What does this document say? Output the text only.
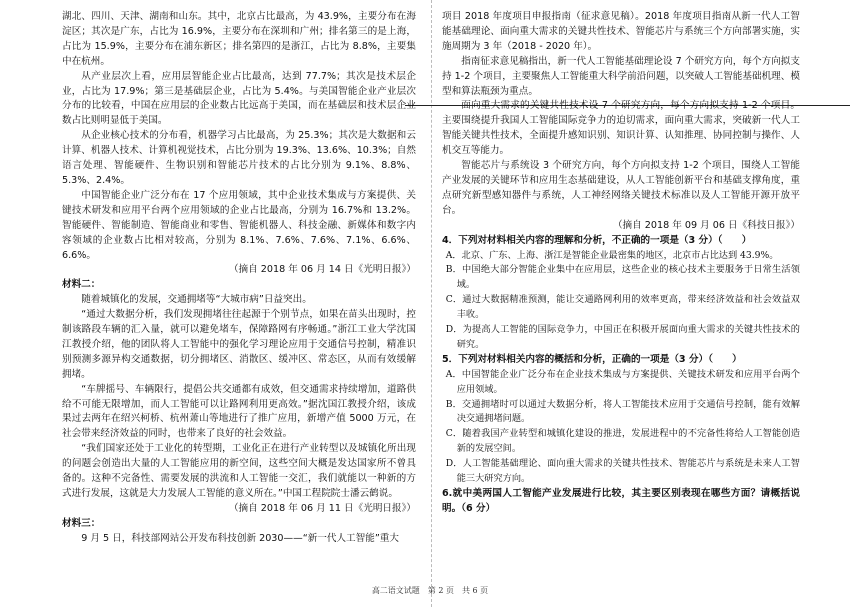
湖北、四川、天津、湖南和山东。其中，北京占比最高，为 43.9%，主要分布在海淀区；其次是广东，占比为 16.9%，主要分布在深圳和广州；排名第三的是上海，占比为 15.9%，主要分布在浦东新区；排名第四的是浙江，占比为 8.8%，主要集中在杭州。

从产业层次上看，应用层智能企业占比最高，达到 77.7%；其次是技术层企业，占比为 17.9%；第三是基础层企业，占比为 5.4%。与美国智能企业产业层次分布的比较看，中国在应用层的企业数占比远高于美国，而在基础层和技术层企业数占比则明显低于美国。

从企业核心技术的分布看，机器学习占比最高，为 25.3%；其次是大数据和云计算、机器人技术、计算机视觉技术，占比分别为 19.3%、13.6%、10.3%；自然语言处理、智能硬件、生物识别和智能芯片技术的占比分别为 9.1%、8.8%、5.3%、2.4%。

中国智能企业广泛分布在 17 个应用领域，其中企业技术集成与方案提供、关键技术研发和应用平台两个应用领域的企业占比最高，分别为 16.7%和 13.2%。智能硬件、智能制造、智能商业和零售、智能机器人、科技金融、新媒体和数字内容领域的企业数占比相对较高，分别为 8.1%、7.6%、7.6%、7.1%、6.6%、6.6%。

（摘自 2018 年 06 月 14 日《光明日报》）

材料二：

随着城镇化的发展，交通拥堵等“大城市病”日益突出。

“通过大数据分析，我们发现拥堵往往起源于个别节点，如果在苗头出现时，控制该路段车辆的汇入量，就可以避免堵车，保障路网有序畅通。”浙江工业大学沈国江教授介绍，他的团队将人工智能中的强化学习理论应用于交通信号控制，精准识别预测多源异构交通数据，切分拥堵区、消散区、缓冲区、常态区，从而有效缓解拥堵。

“车牌摇号、车辆限行，提倡公共交通都有成效，但交通需求持续增加，道路供给不可能无限增加，而人工智能可以让路网利用更高效。”据沈国江教授介绍，该成果过去两年在绍兴柯桥、杭州萧山等地进行了推广应用，新增产值 5000 万元，在社会带来经济效益的同时，也带来了良好的社会效益。

“我们国家还处于工业化的转型期，工业化正在进行产业转型以及城镇化所出现的问题会创造出大量的人工智能应用的新空间，这些空间大概是发达国家所不曾具备的。这种不完备性、需要发展的洪流和人工智能一交汇，我们就能以一种新的方式进行发展，这就是大力发展人工智能的意义所在。”中国工程院院士潘云鹤说。

（摘自 2018 年 06 月 11 日《光明日报》）

材料三：

9 月 5 日，科技部网站公开发布科技创新 2030——“新一代人工智能”重大

项目 2018 年度项目申报指南（征求意见稿）。2018 年度项目指南从新一代人工智能基础理论、面向重大需求的关键共性技术、智能芯片与系统三个方向部署实施，实施周期为 3 年（2018 - 2020 年）。

指南征求意见稿指出，新一代人工智能基础理论设 7 个研究方向，每个方向拟支持 1-2 个项目，主要聚焦人工智能重大科学前沿问题，以突破人工智能基础机理、模型和算法瓶颈为重点。

面向重大需求的关键共性技术设 7 个研究方向，每个方向拟支持 1-2 个项目。主要围绕提升我国人工智能国际竞争力的迫切需求，面向重大需求，突破新一代人工智能关键共性技术，全面提升感知识别、知识计算、认知推理、协同控制与操作、人机交互等能力。

智能芯片与系统设 3 个研究方向，每个方向拟支持 1-2 个项目，围绕人工智能产业发展的关键环节和应用生态基础建设，从人工智能创新平台和基础支撑角度，重点研究新型感知器件与系统，人工神经网络关键技术标准以及人工智能开源开放平台。

（摘自 2018 年 09 月 06 日《科技日报》）

4．下列对材料相关内容的理解和分析，不正确的一项是（3 分）（　　）

A．北京、广东、上海、浙江是智能企业最密集的地区，北京市占比达到 43.9%。

B．中国绝大部分智能企业集中在应用层，这些企业的核心技术主要服务于日常生活领域。

C．通过大数据精准预测，能让交通路网利用的效率更高，带来经济效益和社会效益双丰收。

D．为提高人工智能的国际竞争力，中国正在积极开展面向重大需求的关键共性技术的研究。

5．下列对材料相关内容的概括和分析，正确的一项是（3 分）（　　）

A．中国智能企业广泛分布在企业技术集成与方案提供、关键技术研发和应用平台两个应用领域。

B．交通拥堵时可以通过大数据分析，将人工智能技术应用于交通信号控制，能有效解决交通拥堵问题。

C．随着我国产业转型和城镇化建设的推进，发展进程中的不完备性将给人工智能创造新的发展空间。

D．人工智能基础理论、面向重大需求的关键共性技术、智能芯片与系统是未来人工智能三大研究方向。

6.就中美两国人工智能产业发展进行比较，其主要区别表现在哪些方面？请概括说明。（6 分）

高二语文试题　第 2 页　共 6 页
